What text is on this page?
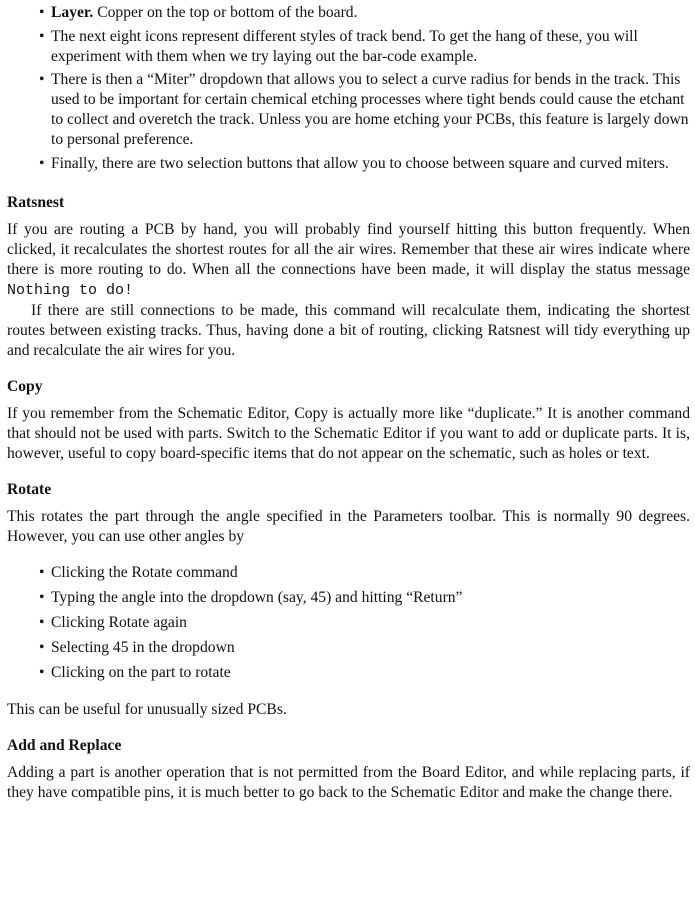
• Layer. Copper on the top or bottom of the board.
• The next eight icons represent different styles of track bend. To get the hang of these, you will experiment with them when we try laying out the bar-code example.
• There is then a “Miter” dropdown that allows you to select a curve radius for bends in the track. This used to be important for certain chemical etching processes where tight bends could cause the etchant to collect and overetch the track. Unless you are home etching your PCBs, this feature is largely down to personal preference.
• Finally, there are two selection buttons that allow you to choose between square and curved miters.
Ratsnest

If you are routing a PCB by hand, you will probably find yourself hitting this button frequently. When clicked, it recalculates the shortest routes for all the air wires. Remember that these air wires indicate where there is more routing to do. When all the connections have been made, it will display the status message Nothing to do!

If there are still connections to be made, this command will recalculate them, indicating the shortest routes between existing tracks. Thus, having done a bit of routing, clicking Ratsnest will tidy everything up and recalculate the air wires for you.

Copy

If you remember from the Schematic Editor, Copy is actually more like “duplicate.” It is another command that should not be used with parts. Switch to the Schematic Editor if you want to add or duplicate parts. It is, however, useful to copy board-specific items that do not appear on the schematic, such as holes or text.

Rotate

This rotates the part through the angle specified in the Parameters toolbar. This is normally 90 degrees. However, you can use other angles by

• Clicking the Rotate command
• Typing the angle into the dropdown (say, 45) and hitting “Return”
• Clicking Rotate again
• Selecting 45 in the dropdown
• Clicking on the part to rotate

This can be useful for unusually sized PCBs.

Add and Replace

Adding a part is another operation that is not permitted from the Board Editor, and while replacing parts, if they have compatible pins, it is much better to go back to the Schematic Editor and make the change there.
